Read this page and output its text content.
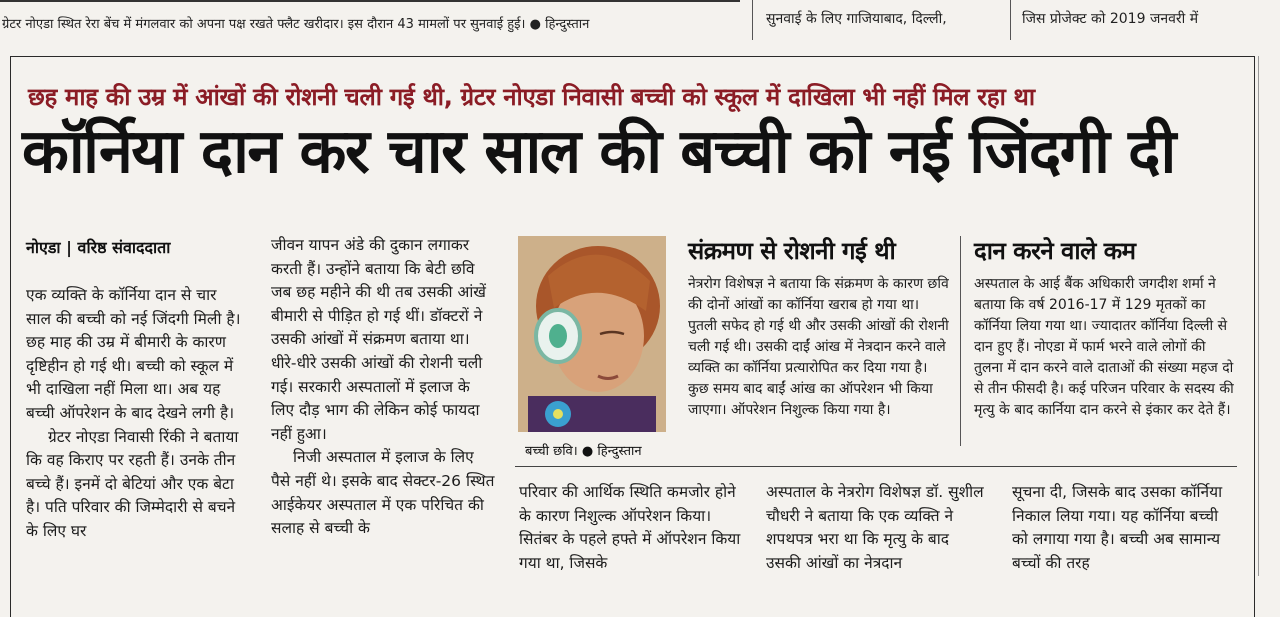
ग्रेटर नोएडा स्थित रेरा बेंच में मंगलवार को अपना पक्ष रखते फ्लैट खरीदार। इस दौरान 43 मामलों पर सुनवाई हुई। ● हिन्दुस्तान	सुनवाई के लिए गाजियाबाद, दिल्ली,	जिस प्रोजेक्ट को 2019 जनवरी में
छह माह की उम्र में आंखों की रोशनी चली गई थी, ग्रेटर नोएडा निवासी बच्ची को स्कूल में दाखिला भी नहीं मिल रहा था
कॉर्निया दान कर चार साल की बच्ची को नई जिंदगी दी
नोएडा | वरिष्ठ संवाददाता

एक व्यक्ति के कॉर्निया दान से चार साल की बच्ची को नई जिंदगी मिली है। छह माह की उम्र में बीमारी के कारण दृष्टिहीन हो गई थी। बच्ची को स्कूल में भी दाखिला नहीं मिला था। अब यह बच्ची ऑपरेशन के बाद देखने लगी है।

ग्रेटर नोएडा निवासी रिंकी ने बताया कि वह किराए पर रहती हैं। उनके तीन बच्चे हैं। इनमें दो बेटियां और एक बेटा है। पति परिवार की जिम्मेदारी से बचने के लिए घर

जीवन यापन अंडे की दुकान लगाकर करती हैं। उन्होंने बताया कि बेटी छवि जब छह महीने की थी तब उसकी आंखें बीमारी से पीड़ित हो गई थीं। डॉक्टरों ने उसकी आंखों में संक्रमण बताया था। धीरे-धीरे उसकी आंखों की रोशनी चली गई। सरकारी अस्पतालों में इलाज के लिए दौड़ भाग की लेकिन कोई फायदा नहीं हुआ।

निजी अस्पताल में इलाज के लिए पैसे नहीं थे। इसके बाद सेक्टर-26 स्थित आईकेयर अस्पताल में एक परिचित की सलाह से बच्ची के

बच्ची छवि। ● हिन्दुस्तान
संक्रमण से रोशनी गई थी
नेत्ररोग विशेषज्ञ ने बताया कि संक्रमण के कारण छवि की दोनों आंखों का कॉर्निया खराब हो गया था। पुतली सफेद हो गई थी और उसकी आंखों की रोशनी चली गई थी। उसकी दाईं आंख में नेत्रदान करने वाले व्यक्ति का कॉर्निया प्रत्यारोपित कर दिया गया है। कुछ समय बाद बाईं आंख का ऑपरेशन भी किया जाएगा। ऑपरेशन निशुल्क किया गया है।
दान करने वाले कम
अस्पताल के आई बैंक अधिकारी जगदीश शर्मा ने बताया कि वर्ष 2016-17 में 129 मृतकों का कॉर्निया लिया गया था। ज्यादातर कॉर्निया दिल्ली से दान हुए हैं। नोएडा में फार्म भरने वाले लोगों की तुलना में दान करने वाले दाताओं की संख्या महज दो से तीन फीसदी है। कई परिजन परिवार के सदस्य की मृत्यु के बाद कार्निया दान करने से इंकार कर देते हैं।
परिवार की आर्थिक स्थिति कमजोर होने के कारण निशुल्क ऑपरेशन किया। सितंबर के पहले हफ्ते में ऑपरेशन किया गया था, जिसके
अस्पताल के नेत्ररोग विशेषज्ञ डॉ. सुशील चौधरी ने बताया कि एक व्यक्ति ने शपथपत्र भरा था कि मृत्यु के बाद उसकी आंखों का नेत्रदान
सूचना दी, जिसके बाद उसका कॉर्निया निकाल लिया गया। यह कॉर्निया बच्ची को लगाया गया है। बच्ची अब सामान्य बच्चों की तरह
